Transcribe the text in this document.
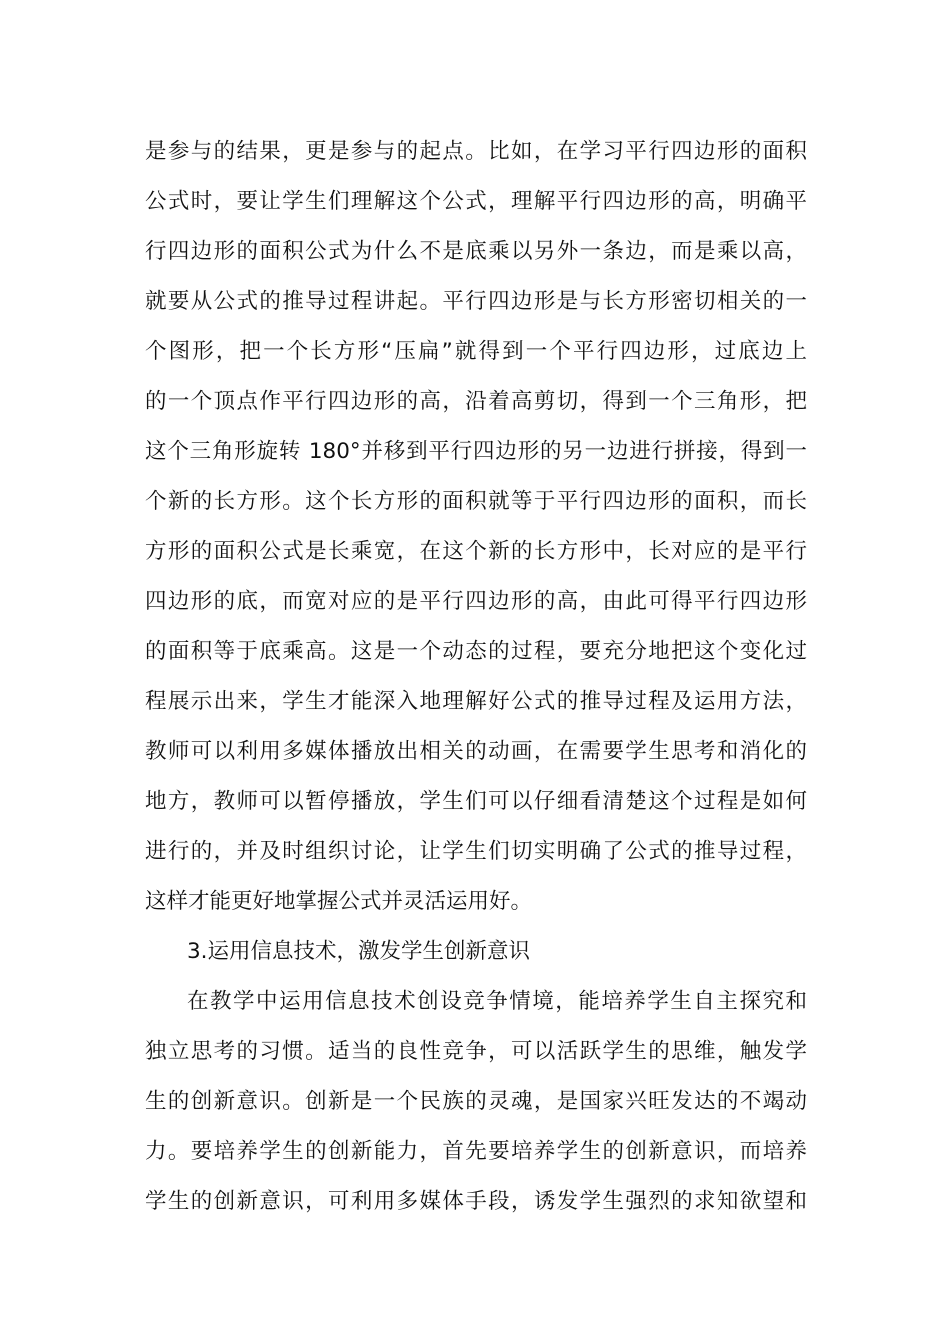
是参与的结果，更是参与的起点。比如，在学习平行四边形的面积
公式时，要让学生们理解这个公式，理解平行四边形的高，明确平
行四边形的面积公式为什么不是底乘以另外一条边，而是乘以高，
就要从公式的推导过程讲起。平行四边形是与长方形密切相关的一
个图形，把一个长方形“压扁”就得到一个平行四边形，过底边上
的一个顶点作平行四边形的高，沿着高剪切，得到一个三角形，把
这个三角形旋转 180°并移到平行四边形的另一边进行拼接，得到一
个新的长方形。这个长方形的面积就等于平行四边形的面积，而长
方形的面积公式是长乘宽，在这个新的长方形中，长对应的是平行
四边形的底，而宽对应的是平行四边形的高，由此可得平行四边形
的面积等于底乘高。这是一个动态的过程，要充分地把这个变化过
程展示出来，学生才能深入地理解好公式的推导过程及运用方法，
教师可以利用多媒体播放出相关的动画，在需要学生思考和消化的
地方，教师可以暂停播放，学生们可以仔细看清楚这个过程是如何
进行的，并及时组织讨论，让学生们切实明确了公式的推导过程，
这样才能更好地掌握公式并灵活运用好。
3.运用信息技术，激发学生创新意识
在教学中运用信息技术创设竞争情境，能培养学生自主探究和
独立思考的习惯。适当的良性竞争，可以活跃学生的思维，触发学
生的创新意识。创新是一个民族的灵魂，是国家兴旺发达的不竭动
力。要培养学生的创新能力，首先要培养学生的创新意识，而培养
学生的创新意识，可利用多媒体手段，诱发学生强烈的求知欲望和
